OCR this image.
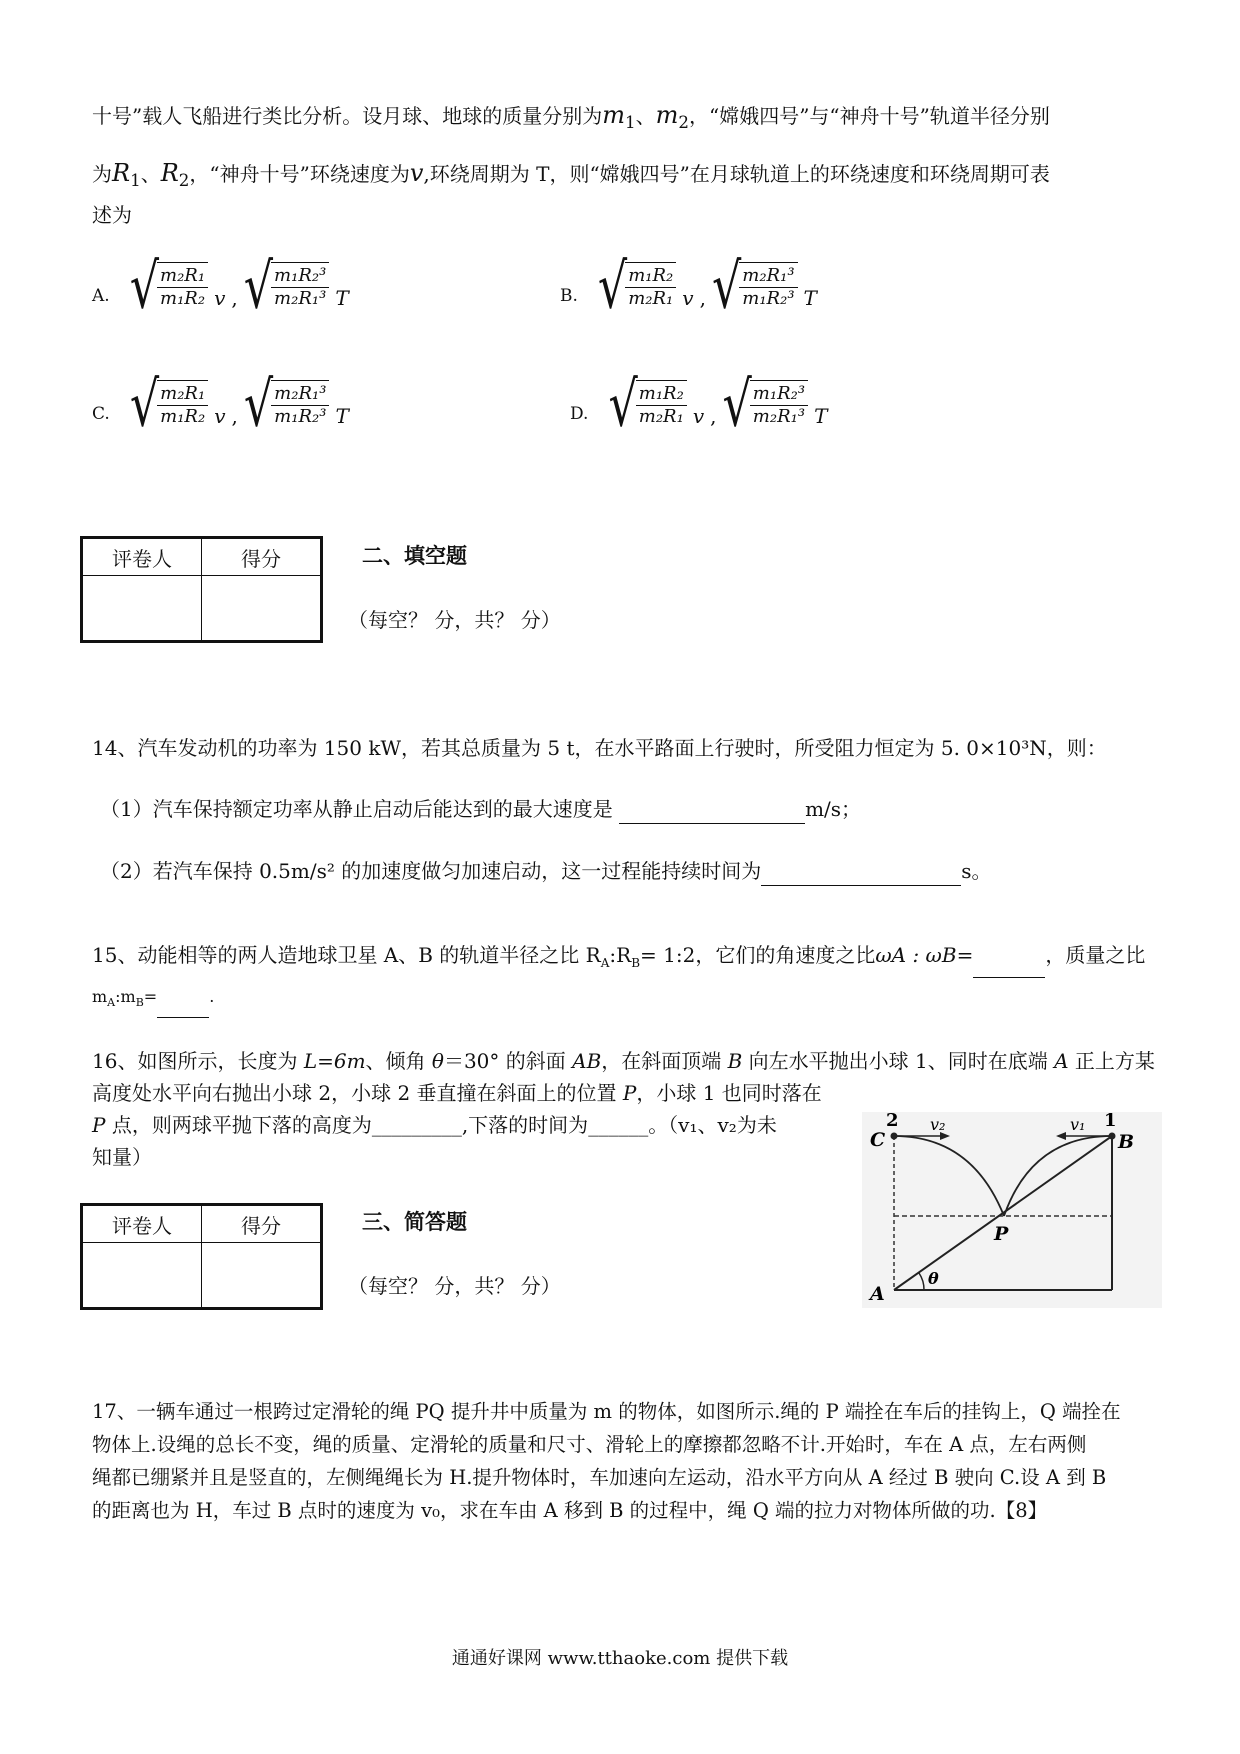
十号”载人飞船进行类比分析。设月球、地球的质量分别为$m_1$、$m_2$，“嫦娥四号”与“神舟十号”轨道半径分别
为$R_1$、$R_2$，“神舟十号”环绕速度为v,环绕周期为 T，则“嫦娥四号”在月球轨道上的环绕速度和环绕周期可表
述为
A. √
$\frac{\text{m₂R₁}}{\text{m₁R₂}}$ v , √
$\frac{\text{m₁R₂³}}{\text{m₂R₁³}}$ T	B. √
$\frac{\text{m₁R₂}}{\text{m₂R₁}}$ v , √
$\frac{\text{m₂R₁³}}{\text{m₁R₂³}}$ T
C. √
$\frac{\text{m₂R₁}}{\text{m₁R₂}}$ v , √
$\frac{\text{m₂R₁³}}{\text{m₁R₂³}}$ T	D. √
$\frac{\text{m₁R₂}}{\text{m₂R₁}}$ v , √
$\frac{\text{m₁R₂³}}{\text{m₂R₁³}}$ T
评卷人	得分
		二、填空题
（每空？ 分，共？ 分）
14、汽车发动机的功率为 150 kW，若其总质量为 5 t，在水平路面上行驶时，所受阻力恒定为 5. 0×10³N，则：
（1）汽车保持额定功率从静止启动后能达到的最大速度是	m/s；
（2）若汽车保持 0.5m/s² 的加速度做匀加速启动，这一过程能持续时间为	s。
15、动能相等的两人造地球卫星 A、B 的轨道半径之比 $R_A:R_B=$ 1:2，它们的角速度之比ωA : ωB=	，质量之比
$m_A:m_B=$	.
16、如图所示，长度为 L=6m、倾角 θ＝30° 的斜面 AB，在斜面顶端 B 向左水平抛出小球 1、同时在底端 A 正上方某
高度处水平向右抛出小球 2，小球 2 垂直撞在斜面上的位置 P，小球 1 也同时落在
P 点，则两球平抛下落的高度为_________,下落的时间为______。（v₁、v₂为未
知量）
C
2 v₂	v₁ 1
B
P
A
θ
评卷人	得分
		三、简答题
（每空？ 分，共？ 分）
17、一辆车通过一根跨过定滑轮的绳 PQ 提升井中质量为 m 的物体，如图所示.绳的 P 端拴在车后的挂钩上，Q 端拴在
物体上.设绳的总长不变，绳的质量、定滑轮的质量和尺寸、滑轮上的摩擦都忽略不计.开始时，车在 A 点，左右两侧
绳都已绷紧并且是竖直的，左侧绳绳长为 H.提升物体时，车加速向左运动，沿水平方向从 A 经过 B 驶向 C.设 A 到 B
的距离也为 H，车过 B 点时的速度为 v₀，求在车由 A 移到 B 的过程中，绳 Q 端的拉力对物体所做的功.【8】
通通好课网 www.tthaoke.com 提供下载
